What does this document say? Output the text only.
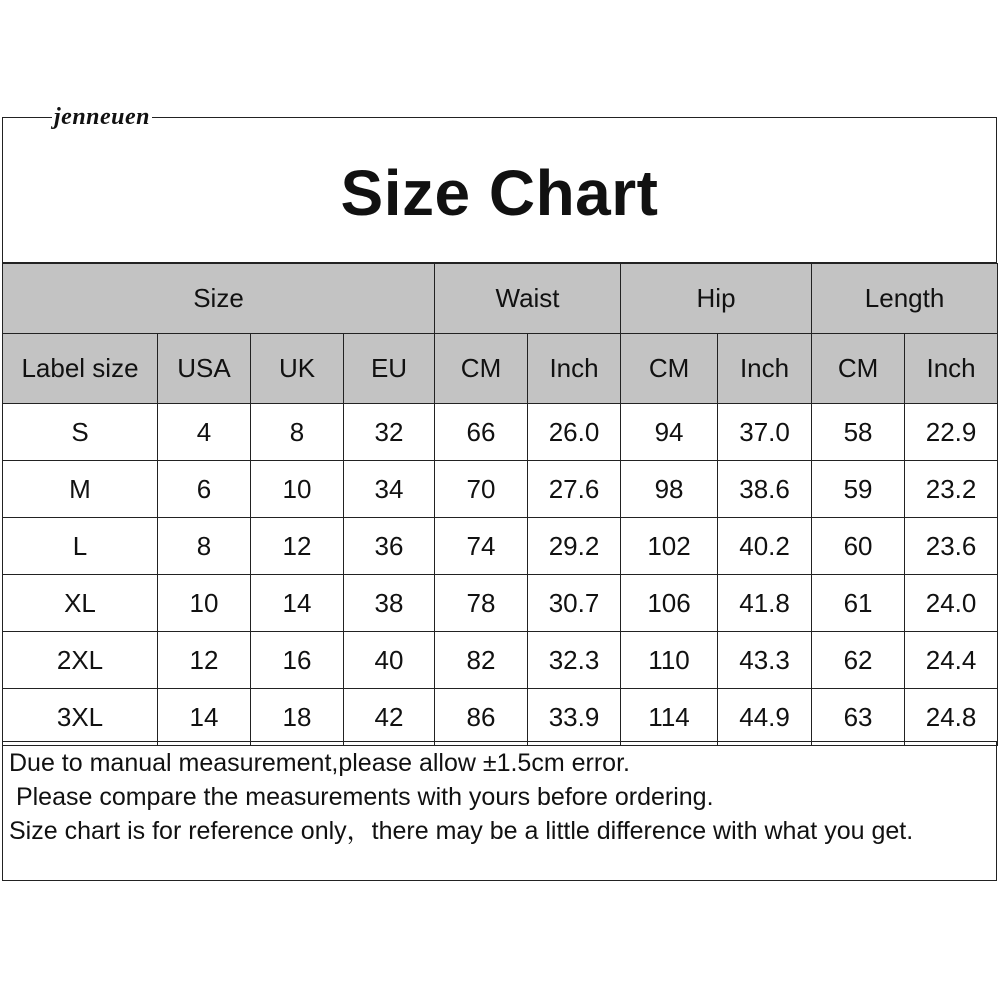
jenneuen
Size Chart
Size				Waist		Hip		Length	
Label size	USA	UK	EU	CM	Inch	CM	Inch	CM	Inch
S	4	8	32	66	26.0	94	37.0	58	22.9
M	6	10	34	70	27.6	98	38.6	59	23.2
L	8	12	36	74	29.2	102	40.2	60	23.6
XL	10	14	38	78	30.7	106	41.8	61	24.0
2XL	12	16	40	82	32.3	110	43.3	62	24.4
3XL	14	18	42	86	33.9	114	44.9	63	24.8

Due to manual measurement,please allow ±1.5cm error.

Please compare the measurements with yours before ordering.

Size chart is for reference only，there may be a little difference with what you get.
